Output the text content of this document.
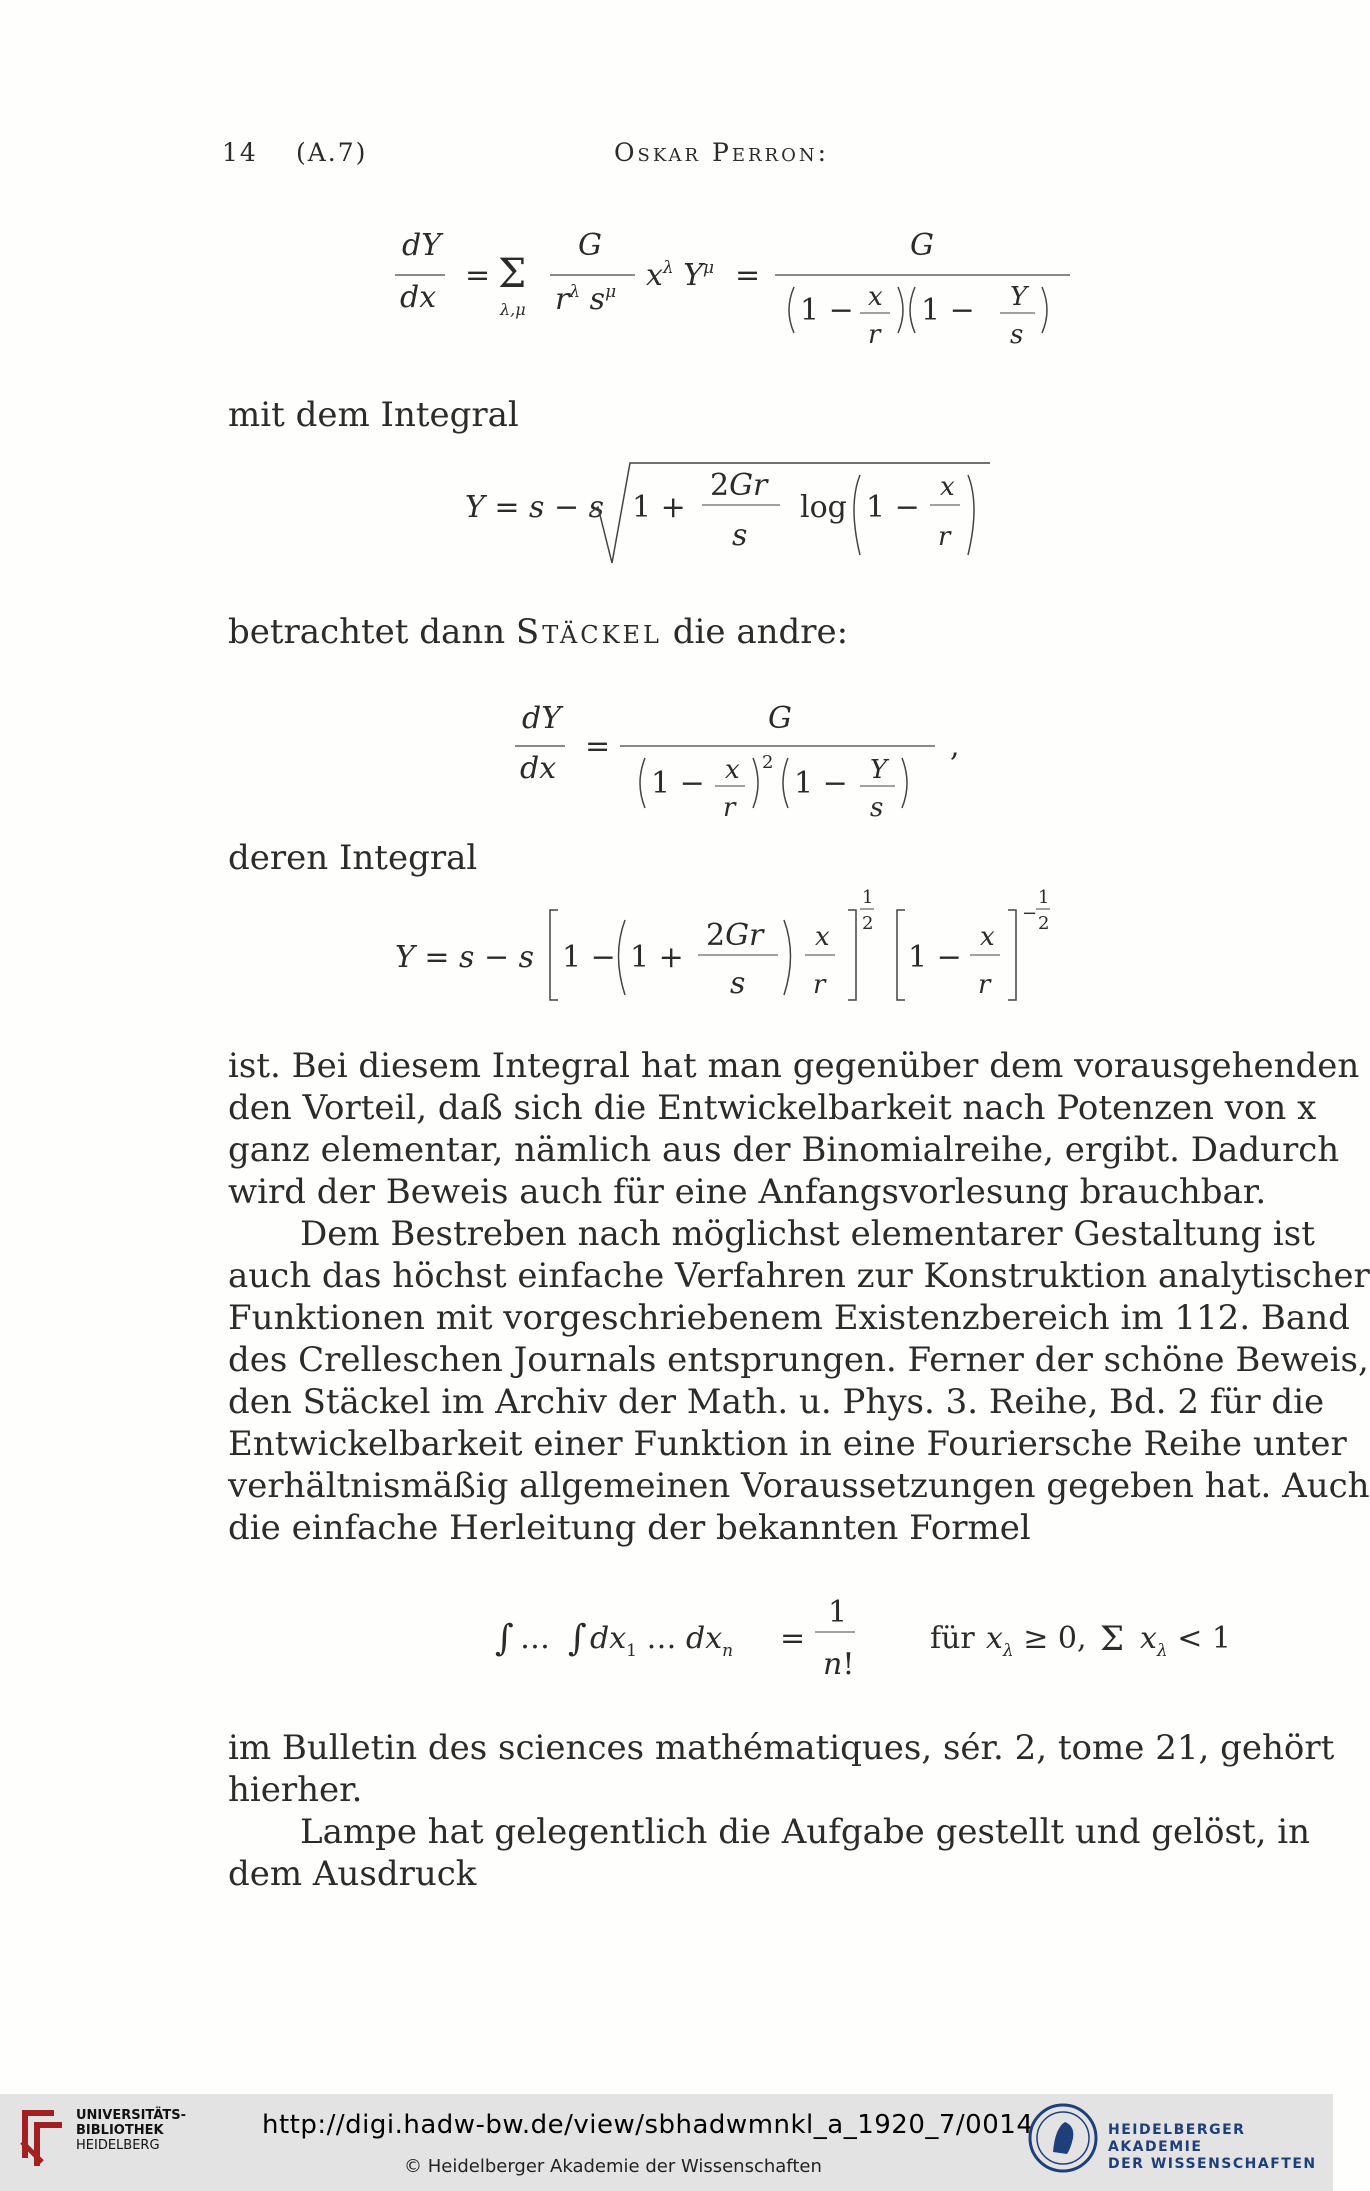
14 (A.7)	Oskar Perron:
dY
dx
= Σ
λ,μ
G
$r^\lambda$ $s^\mu$ $x^\lambda$ $Y^\mu$ =
G
1 − x
r
1 − Y
s
mit dem Integral
Y = s − s 1 +
2Gr
s
log 1 −
x
r
betrachtet dann Stäckel die andre:
dY
dx
=
G
,
1 − x
r
2
1 − Y
s
deren Integral
Y = s − s 1 − 1 +
2Gr
s
x
r
1
2
1 −
x
r
−
1
2
ist. Bei diesem Integral hat man gegenüber dem vorausgehenden
den Vorteil, daß sich die Entwickelbarkeit nach Potenzen von x
ganz elementar, nämlich aus der Binomialreihe, ergibt. Dadurch
wird der Beweis auch für eine Anfangsvorlesung brauchbar.
Dem Bestreben nach möglichst elementarer Gestaltung ist
auch das höchst einfache Verfahren zur Konstruktion analytischer
Funktionen mit vorgeschriebenem Existenzbereich im 112. Band
des Crelleschen Journals entsprungen. Ferner der schöne Beweis,
den Stäckel im Archiv der Math. u. Phys. 3. Reihe, Bd. 2 für die
Entwickelbarkeit einer Funktion in eine Fouriersche Reihe unter
verhältnismäßig allgemeinen Voraussetzungen gegeben hat. Auch
die einfache Herleitung der bekannten Formel
∫ … ∫ $dx_1$ … $dx_n$ =
1
n!
für $x_\lambda \ge 0$, Σ $x_\lambda < 1$
im Bulletin des sciences mathématiques, sér. 2, tome 21, gehört
hierher.
Lampe hat gelegentlich die Aufgabe gestellt und gelöst, in
dem Ausdruck
UNIVERSITÄTS-
BIBLIOTHEK
HEIDELBERG
http://digi.hadw-bw.de/view/sbhadwmnkl_a_1920_7/0014
© Heidelberger Akademie der Wissenschaften
HEIDELBERGER AKADEMIE
DER WISSENSCHAFTEN
